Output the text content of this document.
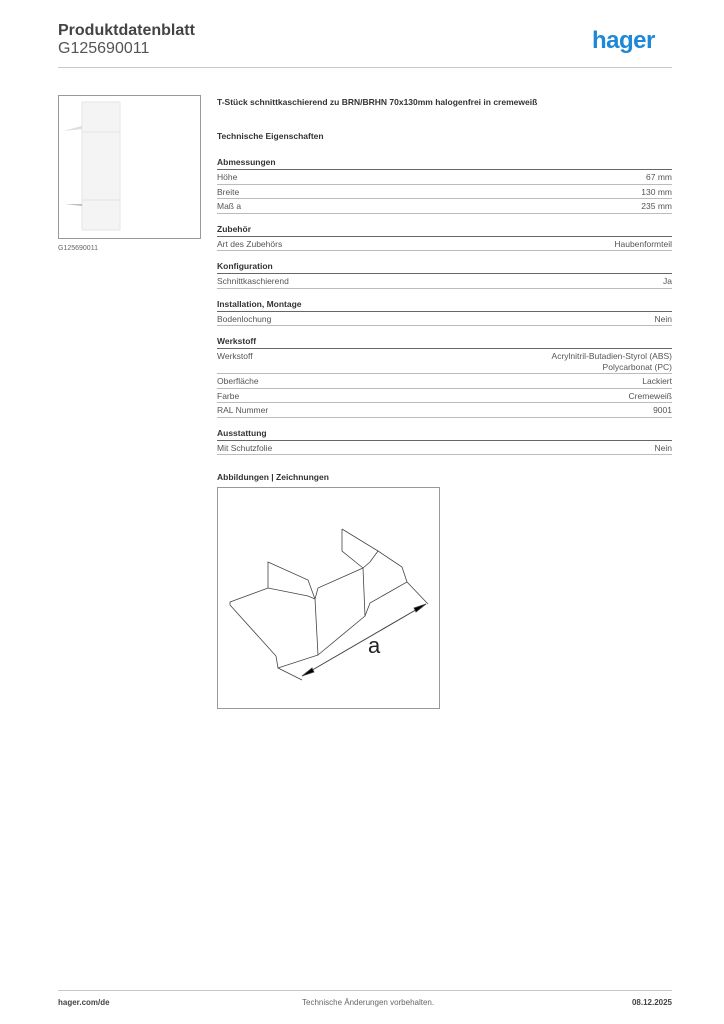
Produktdatenblatt
G125690011	hager
G125690011
T-Stück schnittkaschierend zu BRN/BRHN 70x130mm halogenfrei in cremeweiß
Technische Eigenschaften
Abmessungen
Höhe	67 mm
Breite	130 mm
Maß a	235 mm
Zubehör
Art des Zubehörs	Haubenformteil
Konfiguration
Schnittkaschierend	Ja
Installation, Montage
Bodenlochung	Nein
Werkstoff
Werkstoff	Acrylnitril-Butadien-Styrol (ABS)
Polycarbonat (PC)
Oberfläche	Lackiert
Farbe	Cremeweiß
RAL Nummer	9001
Ausstattung
Mit Schutzfolie	Nein
Abbildungen | Zeichnungen
a
hager.com/de	Technische Änderungen vorbehalten.	08.12.2025
